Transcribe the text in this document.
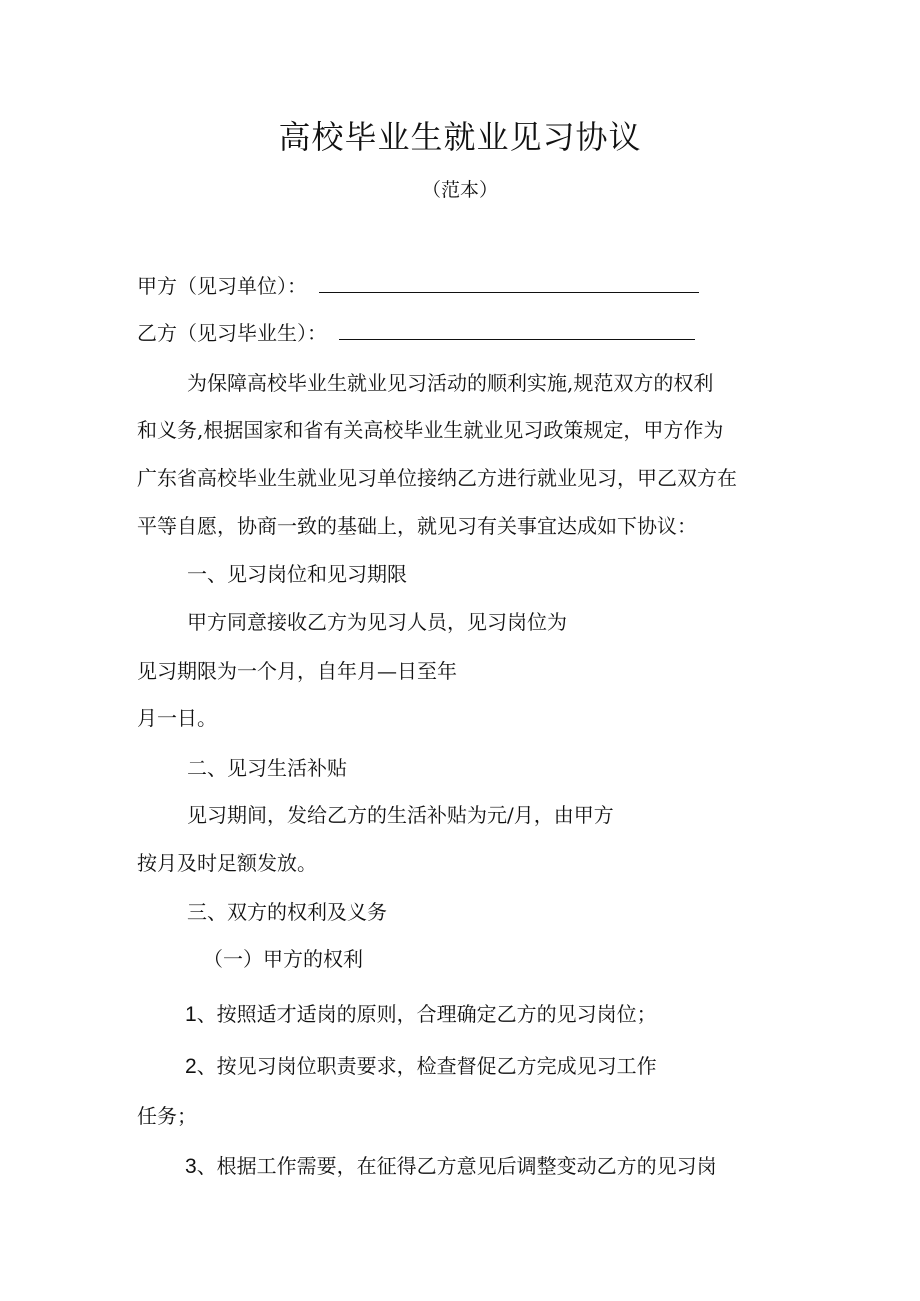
高校毕业生就业见习协议
（范本）
甲方（见习单位）：
乙方（见习毕业生）：
为保障高校毕业生就业见习活动的顺利实施,规范双方的权利
和义务,根据国家和省有关高校毕业生就业见习政策规定，甲方作为
广东省高校毕业生就业见习单位接纳乙方进行就业见习，甲乙双方在
平等自愿，协商一致的基础上，就见习有关事宜达成如下协议：
一、见习岗位和见习期限
甲方同意接收乙方为见习人员，见习岗位为
见习期限为一个月，自年月—日至年
月一日。
二、见习生活补贴
见习期间，发给乙方的生活补贴为元/月，由甲方
按月及时足额发放。
三、双方的权利及义务
（一）甲方的权利
1、按照适才适岗的原则，合理确定乙方的见习岗位；
2、按见习岗位职责要求，检查督促乙方完成见习工作
任务；
3、根据工作需要，在征得乙方意见后调整变动乙方的见习岗
